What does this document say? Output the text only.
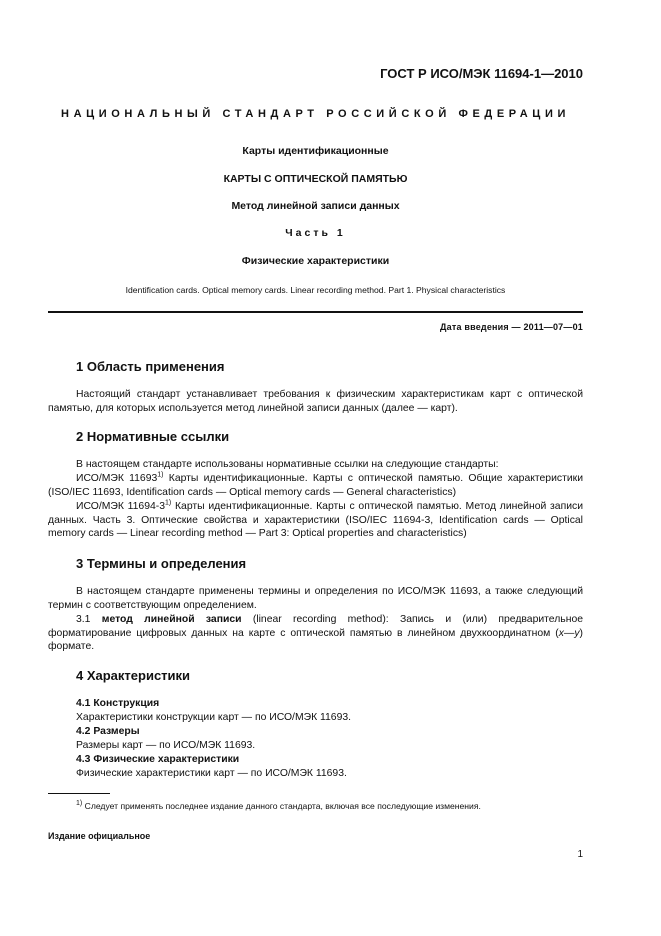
ГОСТ Р ИСО/МЭК 11694-1—2010
НАЦИОНАЛЬНЫЙ СТАНДАРТ РОССИЙСКОЙ ФЕДЕРАЦИИ
Карты идентификационные
КАРТЫ С ОПТИЧЕСКОЙ ПАМЯТЬЮ
Метод линейной записи данных
Часть 1
Физические характеристики
Identification cards. Optical memory cards. Linear recording method. Part 1. Physical characteristics
Дата введения — 2011—07—01
1 Область применения
Настоящий стандарт устанавливает требования к физическим характеристикам карт с оптической памятью, для которых используется метод линейной записи данных (далее — карт).
2 Нормативные ссылки
В настоящем стандарте использованы нормативные ссылки на следующие стандарты:
ИСО/МЭК 11693$^{1)}$ Карты идентификационные. Карты с оптической памятью. Общие характеристики (ISO/IEC 11693, Identification cards — Optical memory cards — General characteristics)
ИСО/МЭК 11694-3$^{1)}$ Карты идентификационные. Карты с оптической памятью. Метод линейной записи данных. Часть 3. Оптические свойства и характеристики (ISO/IEC 11694-3, Identification cards — Optical memory cards — Linear recording method — Part 3: Optical properties and characteristics)
3 Термины и определения
В настоящем стандарте применены термины и определения по ИСО/МЭК 11693, а также следующий термин с соответствующим определением.
3.1 метод линейной записи (linear recording method): Запись и (или) предварительное форматирование цифровых данных на карте с оптической памятью в линейном двухкоординатном (x—y) формате.
4 Характеристики
4.1 Конструкция
Характеристики конструкции карт — по ИСО/МЭК 11693.
4.2 Размеры
Размеры карт — по ИСО/МЭК 11693.
4.3 Физические характеристики
Физические характеристики карт — по ИСО/МЭК 11693.
$^{1)}$ Следует применять последнее издание данного стандарта, включая все последующие изменения.
Издание официальное
1
